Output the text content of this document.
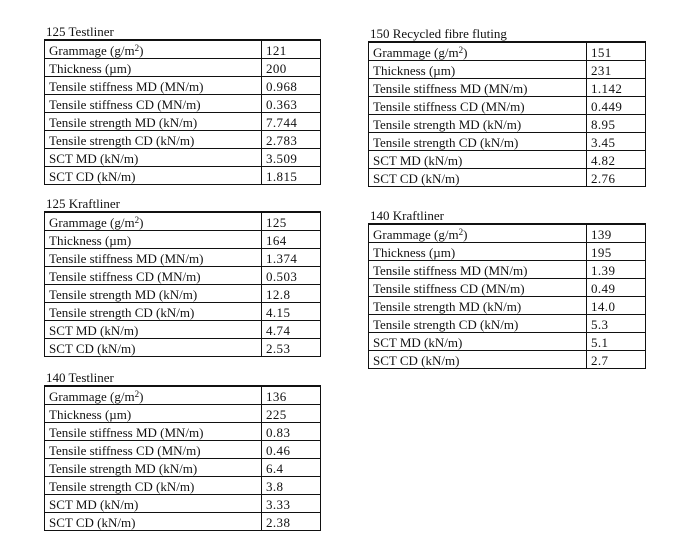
125 Testliner
Grammage $(g/m^2)$	121
Thickness (µm)	200
Tensile stiffness MD (MN/m)	0.968
Tensile stiffness CD (MN/m)	0.363
Tensile strength MD (kN/m)	7.744
Tensile strength CD (kN/m)	2.783
SCT MD (kN/m)	3.509
SCT CD (kN/m)	1.815
125 Kraftliner
Grammage $(g/m^2)$	125
Thickness (µm)	164
Tensile stiffness MD (MN/m)	1.374
Tensile stiffness CD (MN/m)	0.503
Tensile strength MD (kN/m)	12.8
Tensile strength CD (kN/m)	4.15
SCT MD (kN/m)	4.74
SCT CD (kN/m)	2.53
140 Testliner
Grammage $(g/m^2)$	136
Thickness (µm)	225
Tensile stiffness MD (MN/m)	0.83
Tensile stiffness CD (MN/m)	0.46
Tensile strength MD (kN/m)	6.4
Tensile strength CD (kN/m)	3.8
SCT MD (kN/m)	3.33
SCT CD (kN/m)	2.38
150 Recycled fibre fluting
Grammage $(g/m^2)$	151
Thickness (µm)	231
Tensile stiffness MD (MN/m)	1.142
Tensile stiffness CD (MN/m)	0.449
Tensile strength MD (kN/m)	8.95
Tensile strength CD (kN/m)	3.45
SCT MD (kN/m)	4.82
SCT CD (kN/m)	2.76
140 Kraftliner
Grammage $(g/m^2)$	139
Thickness (µm)	195
Tensile stiffness MD (MN/m)	1.39
Tensile stiffness CD (MN/m)	0.49
Tensile strength MD (kN/m)	14.0
Tensile strength CD (kN/m)	5.3
SCT MD (kN/m)	5.1
SCT CD (kN/m)	2.7
